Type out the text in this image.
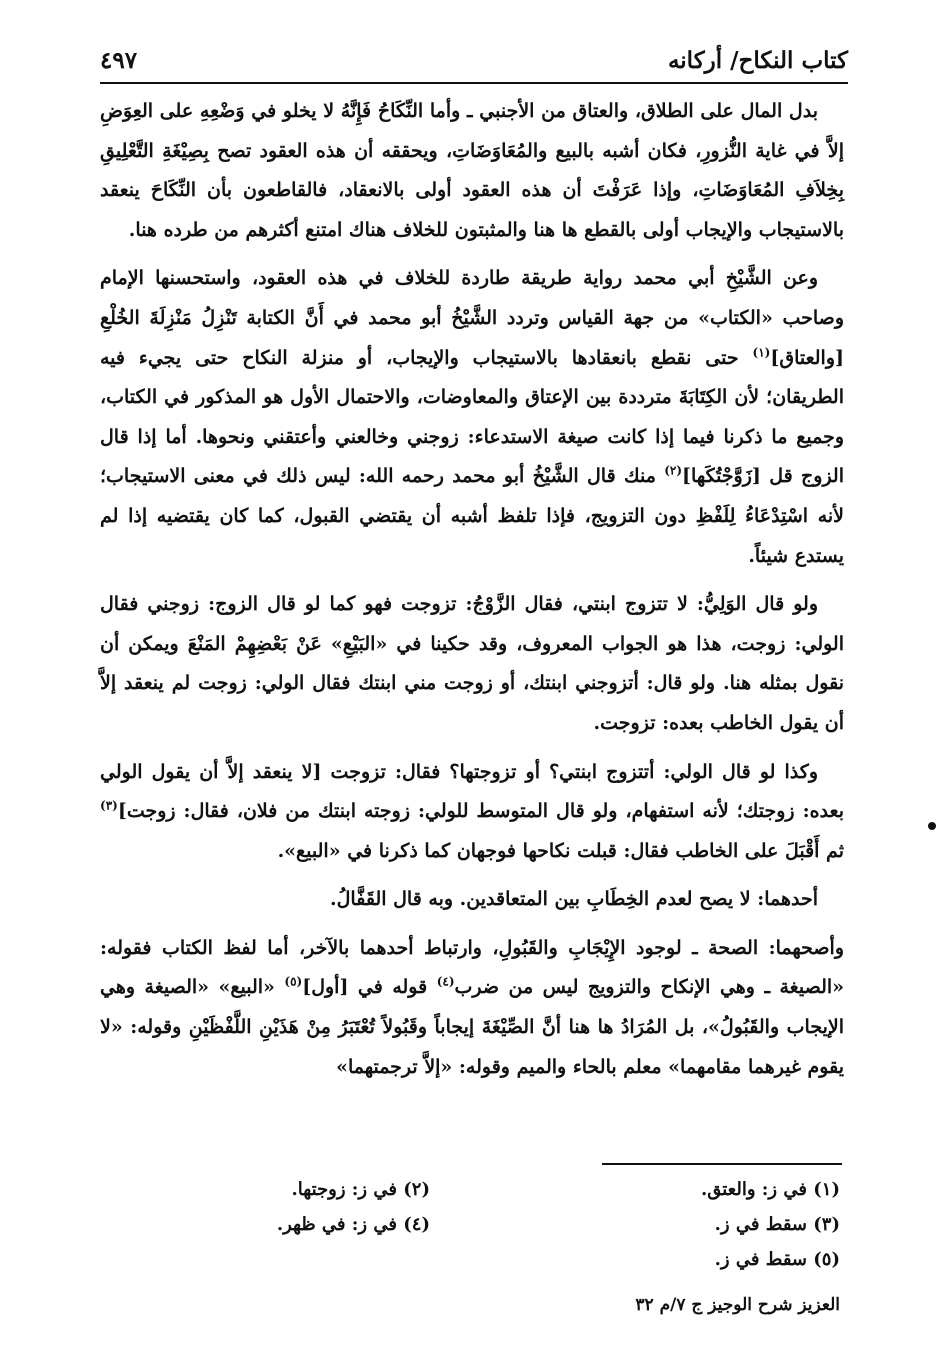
كتاب النكاح/ أركانه
٤٩٧

بدل المال على الطلاق، والعتاق من الأجنبي ـ وأما النِّكَاحُ فَإِنَّهُ لا يخلو في وَضْعِهِ على العِوَضِ إلاَّ في غاية النُّزورِ، فكان أشبه بالبيع والمُعَاوَضَاتِ، ويحققه أن هذه العقود تصح بِصِيْغَةِ التَّعْلِيقِ بِخِلاَفِ المُعَاوَضَاتِ، وإذا عَرَفْتَ أن هذه العقود أولى بالانعقاد، فالقاطعون بأن النِّكَاحَ ينعقد بالاستيجاب والإيجاب أولى بالقطع ها هنا والمثبتون للخلاف هناك امتنع أكثرهم من طرده هنا.

وعن الشَّيْخِ أبي محمد رواية طريقة طاردة للخلاف في هذه العقود، واستحسنها الإمام وصاحب «الكتاب» من جهة القياس وتردد الشَّيْخُ أبو محمد في أَنَّ الكتابة تَنْزِلُ مَنْزِلَةَ الخُلْعِ [والعتاق]$^{(١)}$ حتى نقطع بانعقادها بالاستيجاب والإيجاب، أو منزلة النكاح حتى يجيء فيه الطريقان؛ لأن الكِتَابَةَ مترددة بين الإعتاق والمعاوضات، والاحتمال الأول هو المذكور في الكتاب، وجميع ما ذكرنا فيما إذا كانت صيغة الاستدعاء: زوجني وخالعني وأعتقني ونحوها. أما إذا قال الزوج قل [زَوَّجْتُكَها]$^{(٢)}$ منك قال الشَّيْخُ أبو محمد رحمه الله: ليس ذلك في معنى الاستيجاب؛ لأنه اسْتِدْعَاءُ لِلَفْظِ دون التزويج، فإذا تلفظ أشبه أن يقتضي القبول، كما كان يقتضيه إذا لم يستدع شيئاً.

ولو قال الوَلِيُّ: لا تتزوج ابنتي، فقال الزَّوْجُ: تزوجت فهو كما لو قال الزوج: زوجني فقال الولي: زوجت، هذا هو الجواب المعروف، وقد حكينا في «البَيْعِ» عَنْ بَعْضِهِمْ المَنْعَ ويمكن أن نقول بمثله هنا. ولو قال: أتزوجني ابنتك، أو زوجت مني ابنتك فقال الولي: زوجت لم ينعقد إلاَّ أن يقول الخاطب بعده: تزوجت.

وكذا لو قال الولي: أتتزوج ابنتي؟ أو تزوجتها؟ فقال: تزوجت [لا ينعقد إلاَّ أن يقول الولي بعده: زوجتك؛ لأنه استفهام، ولو قال المتوسط للولي: زوجته ابنتك من فلان، فقال: زوجت]$^{(٣)}$ ثم أَقْبَلَ على الخاطب فقال: قبلت نكاحها فوجهان كما ذكرنا في «البيع».

أحدهما: لا يصح لعدم الخِطَابِ بين المتعاقدين. وبه قال القَفَّالُ.

وأصحهما: الصحة ـ لوجود الإِيْجَابِ والقَبُولِ، وارتباط أحدهما بالآخر، أما لفظ الكتاب فقوله: «الصيغة ـ وهي الإنكاح والتزويج ليس من ضرب$^{(٤)}$ قوله في [أول]$^{(٥)}$ «البيع» «الصيغة وهي الإيجاب والقَبُولُ»، بل المُرَادُ ها هنا أنَّ الصِّيْغَةَ إيجاباً وقَبُولاً تُعْتَبَرُ مِنْ هَذَيْنِ اللَّفْظَيْنِ وقوله: «لا يقوم غيرهما مقامهما» معلم بالحاء والميم وقوله: «إلاَّ ترجمتهما»

(١) في ز: والعتق.
(٢) في ز: زوجتها.
(٣) سقط في ز.
(٤) في ز: في ظهر.
(٥) سقط في ز.
العزيز شرح الوجيز ج ٧/م ٣٢
